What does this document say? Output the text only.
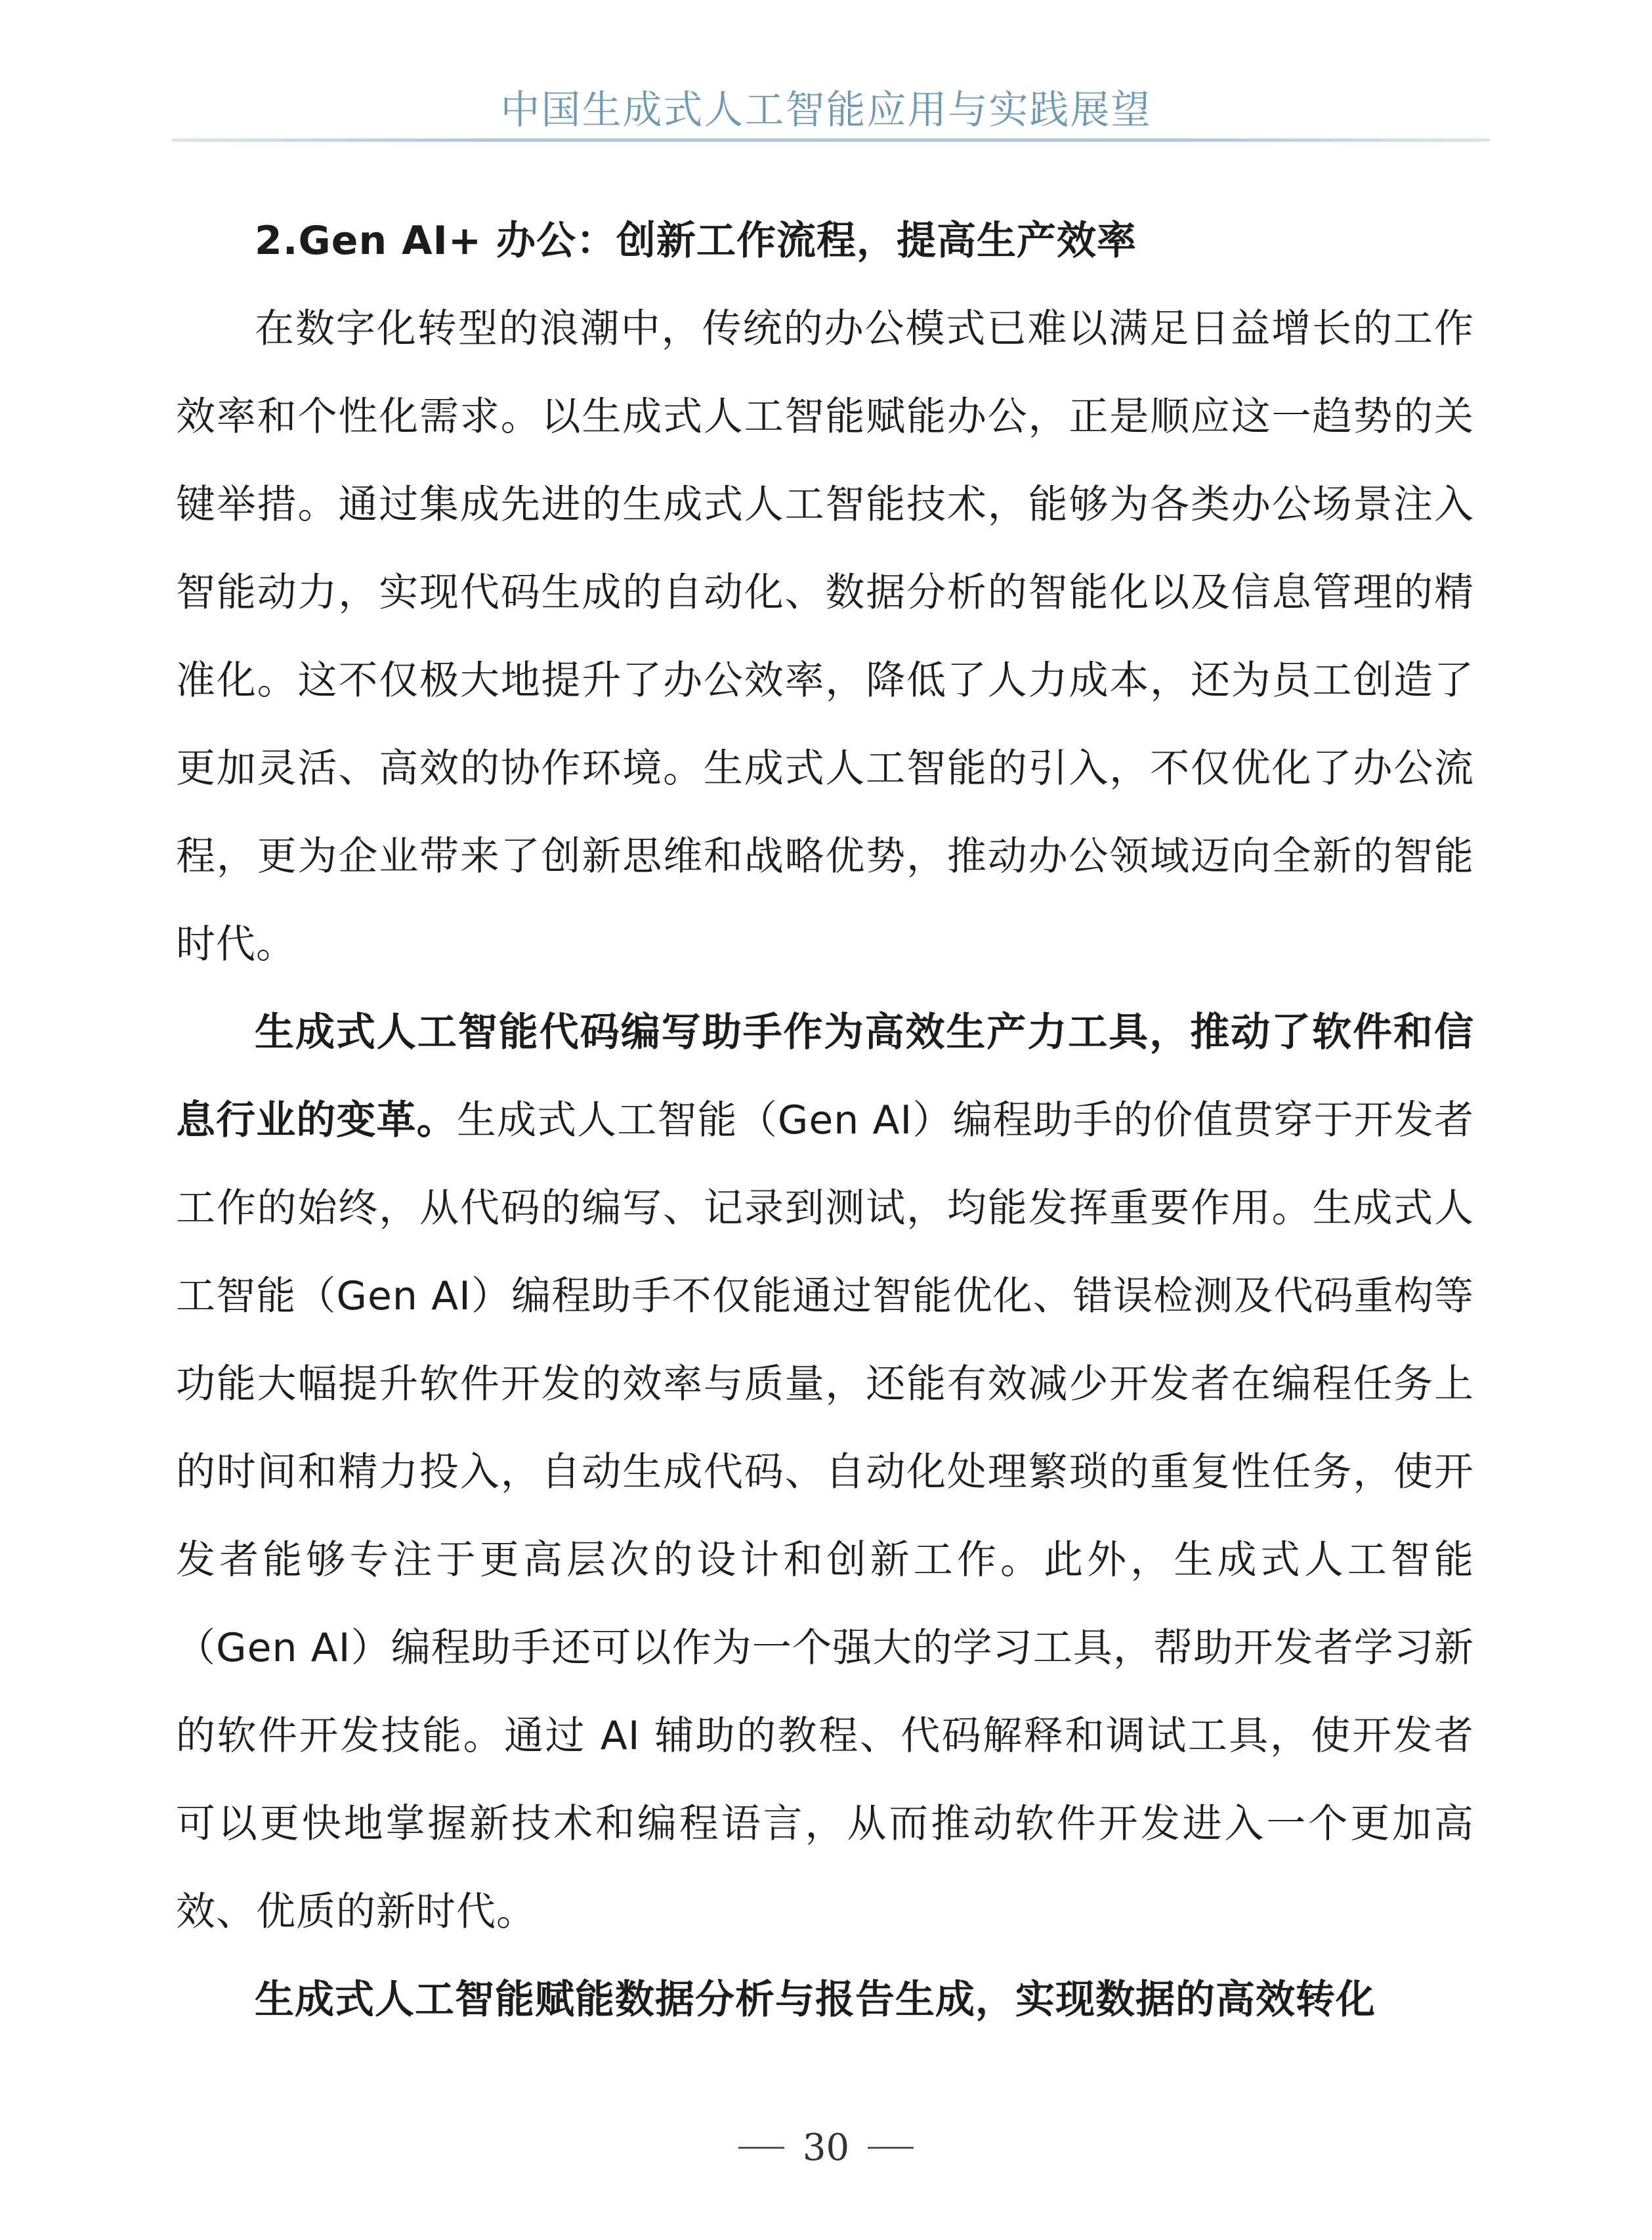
中国生成式人工智能应用与实践展望

2.Gen AI+ 办公：创新工作流程，提高生产效率

在数字化转型的浪潮中，传统的办公模式已难以满足日益增长的工作效率和个性化需求。以生成式人工智能赋能办公，正是顺应这一趋势的关键举措。通过集成先进的生成式人工智能技术，能够为各类办公场景注入智能动力，实现代码生成的自动化、数据分析的智能化以及信息管理的精准化。这不仅极大地提升了办公效率，降低了人力成本，还为员工创造了更加灵活、高效的协作环境。生成式人工智能的引入，不仅优化了办公流程，更为企业带来了创新思维和战略优势，推动办公领域迈向全新的智能时代。

生成式人工智能代码编写助手作为高效生产力工具，推动了软件和信息行业的变革。生成式人工智能（Gen AI）编程助手的价值贯穿于开发者工作的始终，从代码的编写、记录到测试，均能发挥重要作用。生成式人工智能（Gen AI）编程助手不仅能通过智能优化、错误检测及代码重构等功能大幅提升软件开发的效率与质量，还能有效减少开发者在编程任务上的时间和精力投入，自动生成代码、自动化处理繁琐的重复性任务，使开发者能够专注于更高层次的设计和创新工作。此外，生成式人工智能（Gen AI）编程助手还可以作为一个强大的学习工具，帮助开发者学习新的软件开发技能。通过 AI 辅助的教程、代码解释和调试工具，使开发者可以更快地掌握新技术和编程语言，从而推动软件开发进入一个更加高效、优质的新时代。

生成式人工智能赋能数据分析与报告生成，实现数据的高效转化

30
